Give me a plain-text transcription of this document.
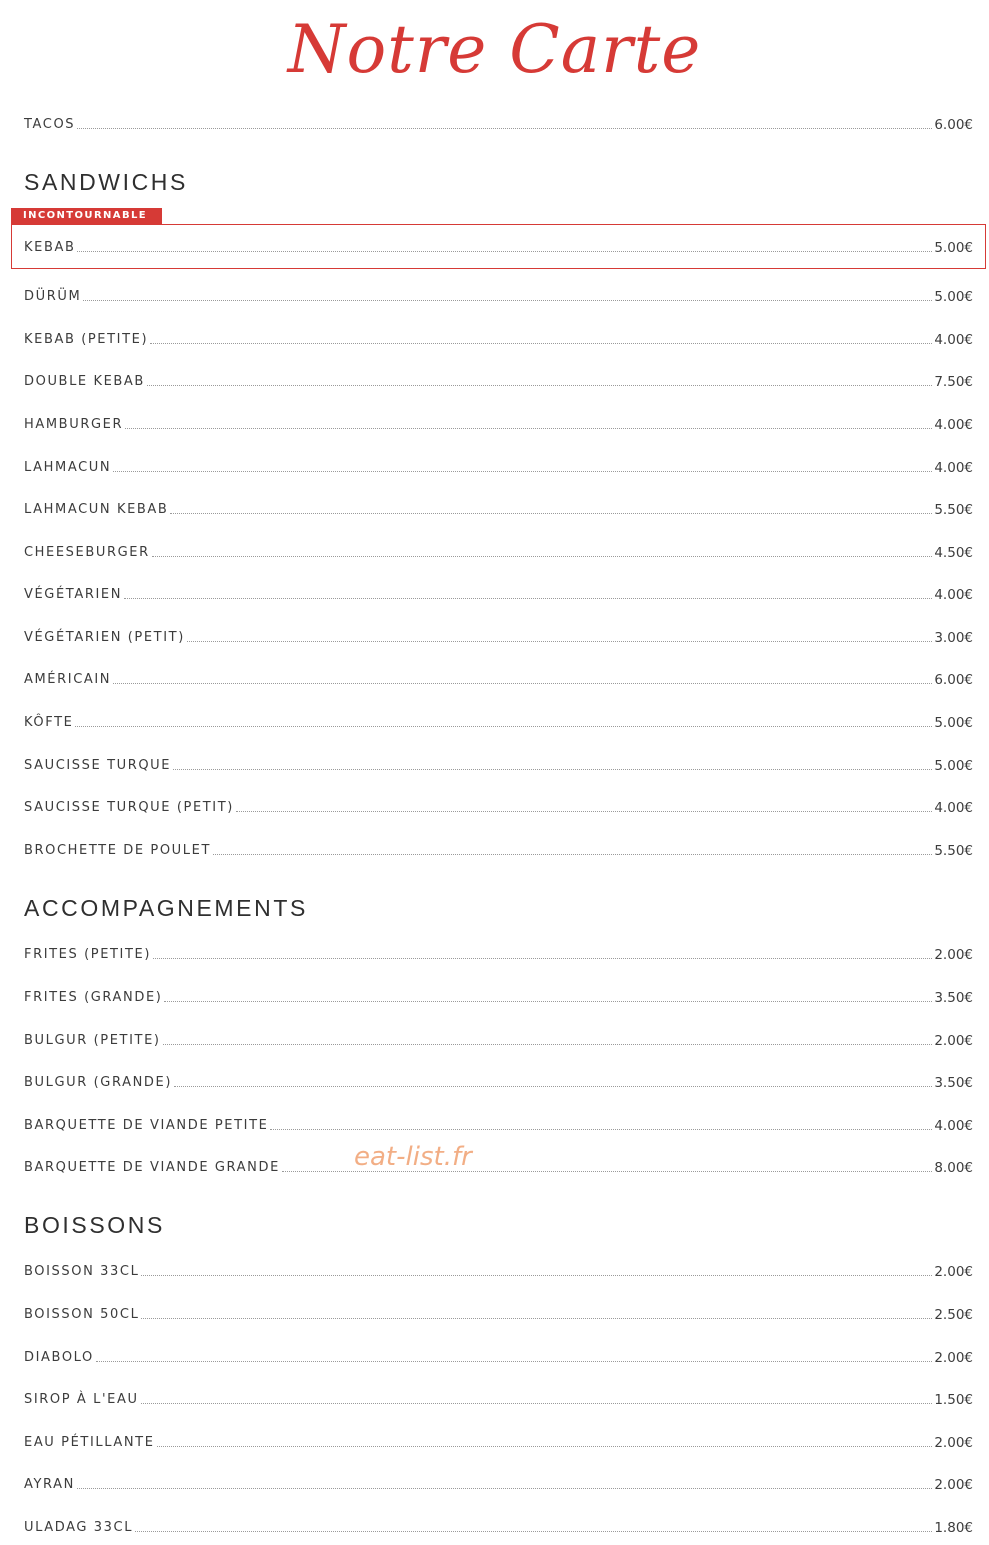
Notre Carte
TACOS	6.00€
SANDWICHS
INCONTOURNABLE
KEBAB	5.00€
DÜRÜM	5.00€
KEBAB (PETITE)	4.00€
DOUBLE KEBAB	7.50€
HAMBURGER	4.00€
LAHMACUN	4.00€
LAHMACUN KEBAB	5.50€
CHEESEBURGER	4.50€
VÉGÉTARIEN	4.00€
VÉGÉTARIEN (PETIT)	3.00€
AMÉRICAIN	6.00€
KÔFTE	5.00€
SAUCISSE TURQUE	5.00€
SAUCISSE TURQUE (PETIT)	4.00€
BROCHETTE DE POULET	5.50€
ACCOMPAGNEMENTS
FRITES (PETITE)	2.00€
FRITES (GRANDE)	3.50€
BULGUR (PETITE)	2.00€
BULGUR (GRANDE)	3.50€
BARQUETTE DE VIANDE PETITE	4.00€
BARQUETTE DE VIANDE GRANDE	8.00€
eat-list.fr
BOISSONS
BOISSON 33CL	2.00€
BOISSON 50CL	2.50€
DIABOLO	2.00€
SIROP À L'EAU	1.50€
EAU PÉTILLANTE	2.00€
AYRAN	2.00€
ULADAG 33CL	1.80€
